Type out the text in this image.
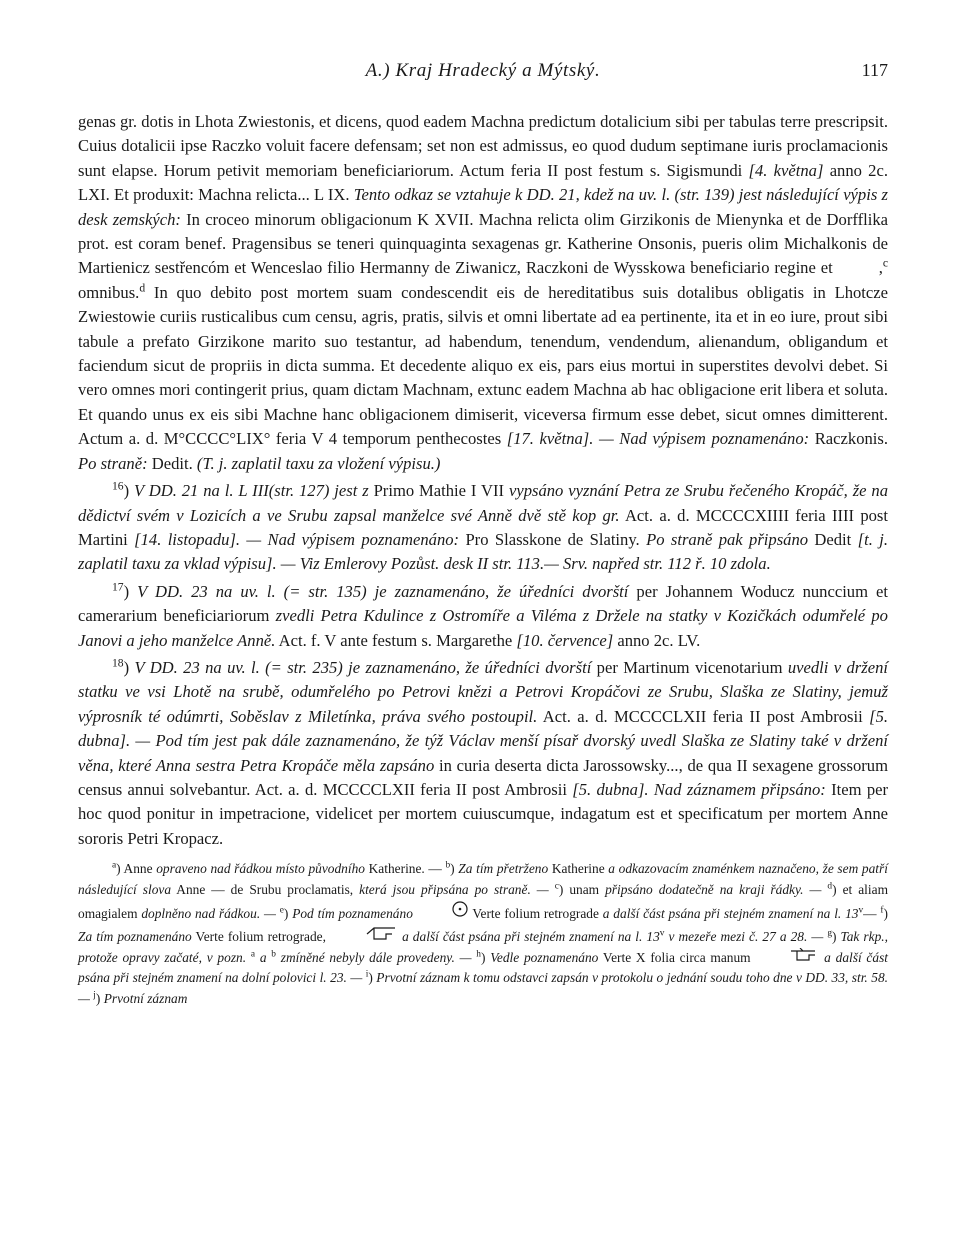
A.) Kraj Hradecký a Mýtský.	117

genas gr. dotis in Lhota Zwiestonis, et dicens, quod eadem Machna predictum dotalicium sibi per tabulas terre prescripsit. Cuius dotalicii ipse Raczko voluit facere defensam; set non est admissus, eo quod dudum septimane iuris proclamacionis sunt elapse. Horum petivit memoriam beneficiariorum. Actum feria II post festum s. Sigismundi [4. května] anno 2c. LXI. Et produxit: Machna relicta... L IX. Tento odkaz se vztahuje k DD. 21, kdež na uv. l. (str. 139) jest následující výpis z desk zemských: In croceo minorum obligacionum K XVII. Machna relicta olim Girzikonis de Mienynka et de Dorfflika prot. est coram benef. Pragensibus se teneri quinquaginta sexagenas gr. Katherine Onsonis, pueris olim Michalkonis de Martienicz sestřencóm et Wenceslao filio Hermanny de Ziwanicz, Raczkoni de Wysskowa beneficiario regine et	,$^c$ omnibus.$^d$ In quo debito post mortem suam condescendit eis de hereditatibus suis dotalibus obligatis in Lhotcze Zwiestowie curiis rusticalibus cum censu, agris, pratis, silvis et omni libertate ad ea pertinente, ita et in eo iure, prout sibi tabule a prefato Girzikone marito suo testantur, ad habendum, tenendum, vendendum, alienandum, obligandum et faciendum sicut de propriis in dicta summa. Et decedente aliquo ex eis, pars eius mortui in superstites devolvi debet. Si vero omnes mori contingerit prius, quam dictam Machnam, extunc eadem Machna ab hac obligacione erit libera et soluta. Et quando unus ex eis sibi Machne hanc obligacionem dimiserit, viceversa firmum esse debet, sicut omnes dimitterent. Actum a. d. M°CCCC°LIX° feria V 4 temporum penthecostes [17. května]. — Nad výpisem poznamenáno: Raczkonis. Po straně: Dedit. (T. j. zaplatil taxu za vložení výpisu.)

$^{16}$) V DD. 21 na l. L III(str. 127) jest z Primo Mathie I VII vypsáno vyznání Petra ze Srubu řečeného Kropáč, že na dědictví svém v Lozicích a ve Srubu zapsal manželce své Anně dvě stě kop gr. Act. a. d. MCCCCXIIII feria IIII post Martini [14. listopadu]. — Nad výpisem poznamenáno: Pro Slasskone de Slatiny. Po straně pak připsáno Dedit [t. j. zaplatil taxu za vklad výpisu]. — Viz Emlerovy Pozůst. desk II str. 113.— Srv. napřed str. 112 ř. 10 zdola.

$^{17}$) V DD. 23 na uv. l. (= str. 135) je zaznamenáno, že úředníci dvorští per Johannem Woducz nunccium et camerarium beneficiariorum zvedli Petra Kdulince z Ostromíře a Viléma z Drželе na statky v Kozičkách odumřelé po Janovi a jeho manželce Anně. Act. f. V ante festum s. Margarethe [10. července] anno 2c. LV.

$^{18}$) V DD. 23 na uv. l. (= str. 235) je zaznamenáno, že úředníci dvorští per Martinum vicenotarium uvedli v držení statku ve vsi Lhotě na srubě, odumřelého po Petrovi knězi a Petrovi Kropáčovi ze Srubu, Slaška ze Slatiny, jemuž výprosník té odúmrti, Soběslav z Miletínka, práva svého postoupil. Act. a. d. MCCCCLXII feria II post Ambrosii [5. dubna]. — Pod tím jest pak dále zaznamenáno, že týž Václav menší písař dvorský uvedl Slaška ze Slatiny také v držení věna, které Anna sestra Petra Kropáče měla zapsáno in curia deserta dicta Jarossowsky..., de qua II sexagene grossorum census annui solvebantur. Act. a. d. MCCCCLXII feria II post Ambrosii [5. dubna]. Nad záznamem připsáno: Item per hoc quod ponitur in impetracione, videlicet per mortem cuiuscumque, indagatum est et specificatum per mortem Anne sororis Petri Kropacz.

$^a$) Anne opraveno nad řádkou místo původního Katherine. — $^b$) Za tím přetrženo Katherine a odkazovacím znaménkem naznačeno, že sem patří následující slova Anne — de Srubu proclamatis, která jsou připsána po straně. — $^c$) unam připsáno dodatečně na kraji řádky. — $^d$) et aliam omagialem doplněno nad řádkou. — $^e$) Pod tím poznamenáno	Verte folium retrograde a další část psána při stejném znamení na l. 13$^v$— $^f$) Za tím poznamenáno Verte folium retrograde,	a další část psána při stejném znamení na l. 13$^v$ v mezeře mezi č. 27 a 28. — $^g$) Tak rkp., protože opravy začaté, v pozn. $^a$ a $^b$ zmíněné nebyly dále provedeny. — $^h$) Vedle poznamenáno Verte X folia circa manum	a další část psána při stejném znamení na dolní polovici l. 23. — $^i$) Prvotní záznam k tomu odstavci zapsán v protokolu o jednání soudu toho dne v DD. 33, str. 58. — $^j$) Prvotní záznam
